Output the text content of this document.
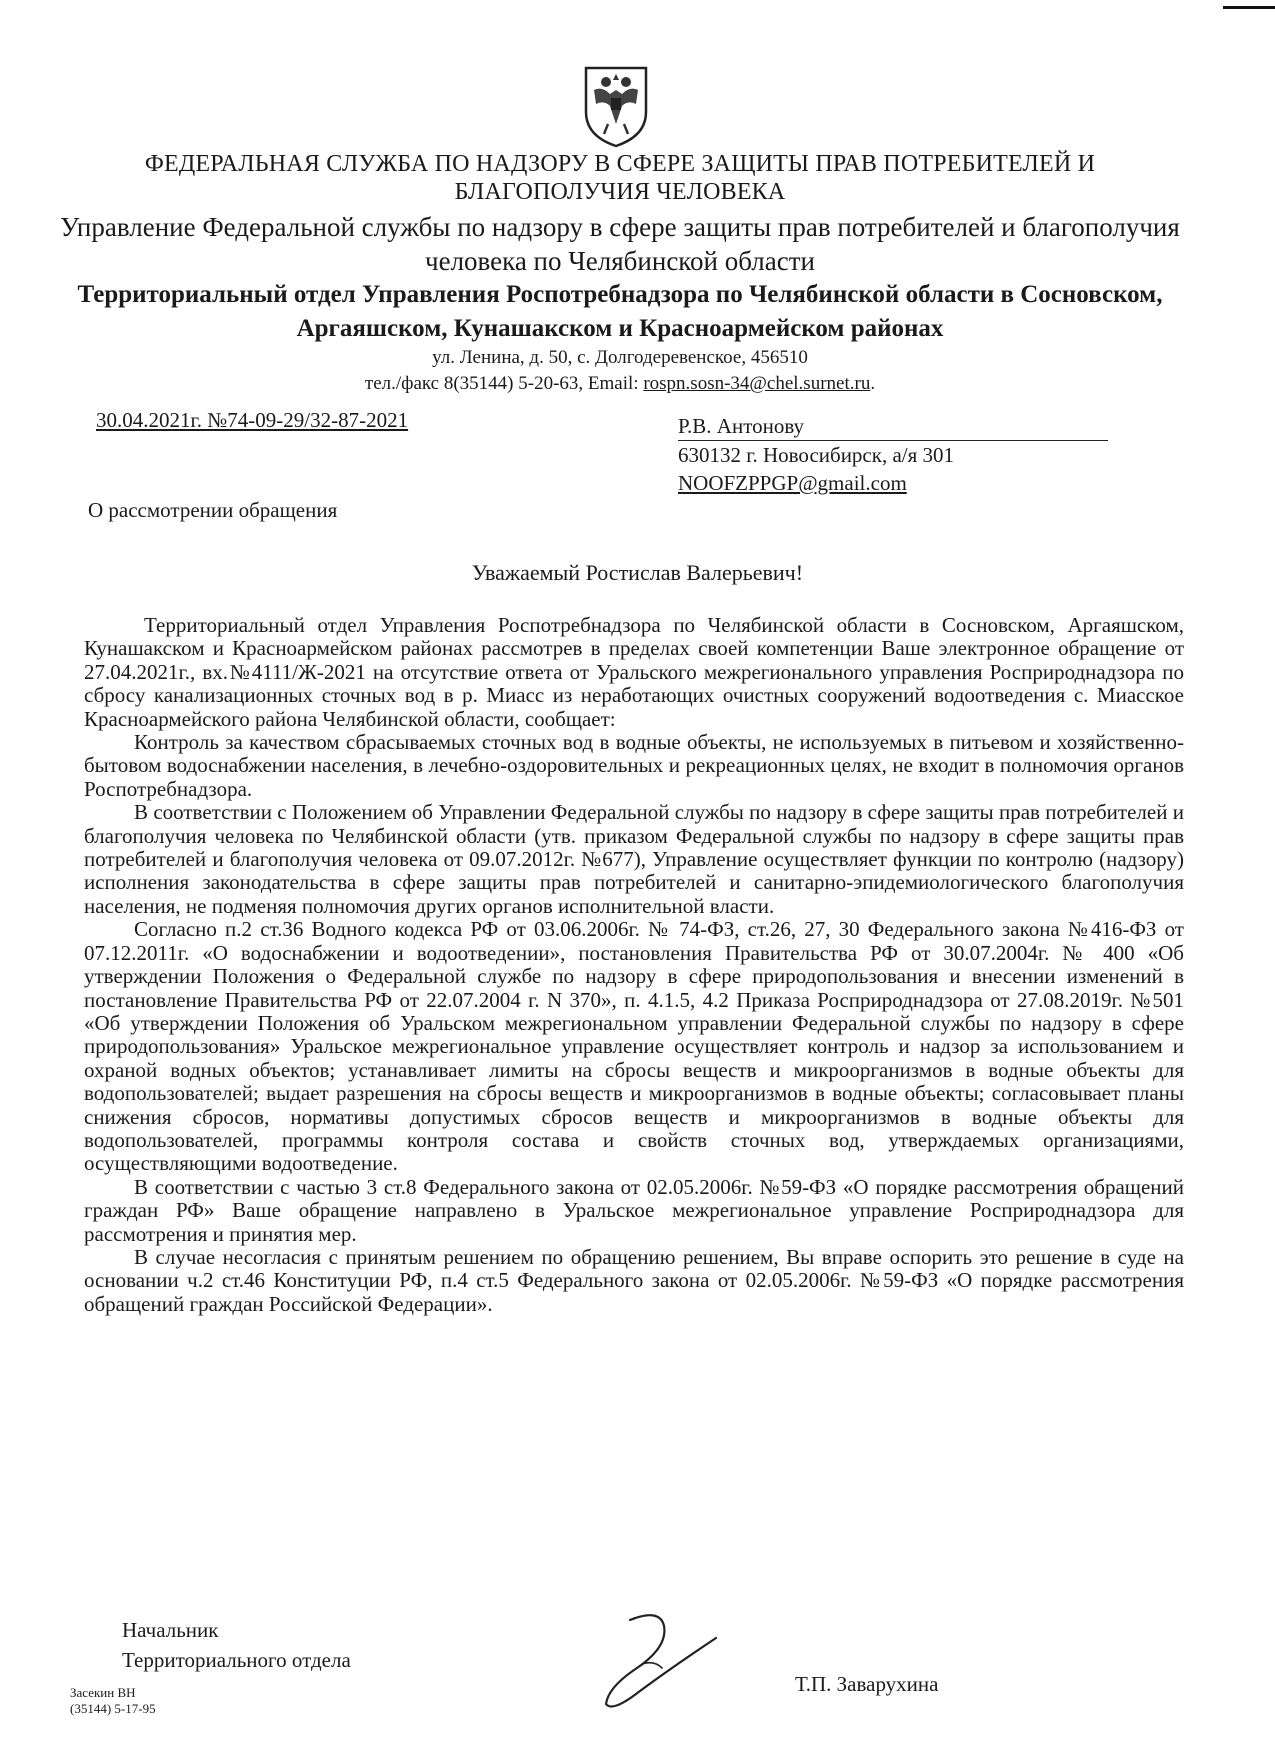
ФЕДЕРАЛЬНАЯ СЛУЖБА ПО НАДЗОРУ В СФЕРЕ ЗАЩИТЫ ПРАВ ПОТРЕБИТЕЛЕЙ И БЛАГОПОЛУЧИЯ ЧЕЛОВЕКА
Управление Федеральной службы по надзору в сфере защиты прав потребителей и благополучия человека по Челябинской области
Территориальный отдел Управления Роспотребнадзора по Челябинской области в Сосновском, Аргаяшском, Кунашакском и Красноармейском районах
ул. Ленина, д. 50, с. Долгодеревенское, 456510
тел./факс 8(35144) 5-20-63, Email: rospn.sosn-34@chel.surnet.ru.
30.04.2021г. №74-09-29/32-87-2021
О рассмотрении обращения
Р.В. Антонову
630132 г. Новосибирск, а/я 301
NOOFZPPGP@gmail.com
Уважаемый Ростислав Валерьевич!

Территориальный отдел Управления Роспотребнадзора по Челябинской области в Сосновском, Аргаяшском, Кунашакском и Красноармейском районах рассмотрев в пределах своей компетенции Ваше электронное обращение от 27.04.2021г., вх.№4111/Ж-2021 на отсутствие ответа от Уральского межрегионального управления Росприроднадзора по сбросу канализационных сточных вод в р. Миасс из неработающих очистных сооружений водоотведения с. Миасское Красноармейского района Челябинской области, сообщает:

Контроль за качеством сбрасываемых сточных вод в водные объекты, не используемых в питьевом и хозяйственно-бытовом водоснабжении населения, в лечебно-оздоровительных и рекреационных целях, не входит в полномочия органов Роспотребнадзора.

В соответствии с Положением об Управлении Федеральной службы по надзору в сфере защиты прав потребителей и благополучия человека по Челябинской области (утв. приказом Федеральной службы по надзору в сфере защиты прав потребителей и благополучия человека от 09.07.2012г. №677), Управление осуществляет функции по контролю (надзору) исполнения законодательства в сфере защиты прав потребителей и санитарно-эпидемиологического благополучия населения, не подменяя полномочия других органов исполнительной власти.

Согласно п.2 ст.36 Водного кодекса РФ от 03.06.2006г. № 74-ФЗ, ст.26, 27, 30 Федерального закона №416-ФЗ от 07.12.2011г. «О водоснабжении и водоотведении», постановления Правительства РФ от 30.07.2004г. № 400 «Об утверждении Положения о Федеральной службе по надзору в сфере природопользования и внесении изменений в постановление Правительства РФ от 22.07.2004 г. N 370», п. 4.1.5, 4.2 Приказа Росприроднадзора от 27.08.2019г. №501 «Об утверждении Положения об Уральском межрегиональном управлении Федеральной службы по надзору в сфере природопользования» Уральское межрегиональное управление осуществляет контроль и надзор за использованием и охраной водных объектов; устанавливает лимиты на сбросы веществ и микроорганизмов в водные объекты для водопользователей; выдает разрешения на сбросы веществ и микроорганизмов в водные объекты; согласовывает планы снижения сбросов, нормативы допустимых сбросов веществ и микроорганизмов в водные объекты для водопользователей, программы контроля состава и свойств сточных вод, утверждаемых организациями, осуществляющими водоотведение.

В соответствии с частью 3 ст.8 Федерального закона от 02.05.2006г. №59-ФЗ «О порядке рассмотрения обращений граждан РФ» Ваше обращение направлено в Уральское межрегиональное управление Росприроднадзора для рассмотрения и принятия мер.

В случае несогласия с принятым решением по обращению решением, Вы вправе оспорить это решение в суде на основании ч.2 ст.46 Конституции РФ, п.4 ст.5 Федерального закона от 02.05.2006г. №59-ФЗ «О порядке рассмотрения обращений граждан Российской Федерации».

Начальник
Территориального отдела
Т.П. Заварухина
Засекин ВН
(35144) 5-17-95
